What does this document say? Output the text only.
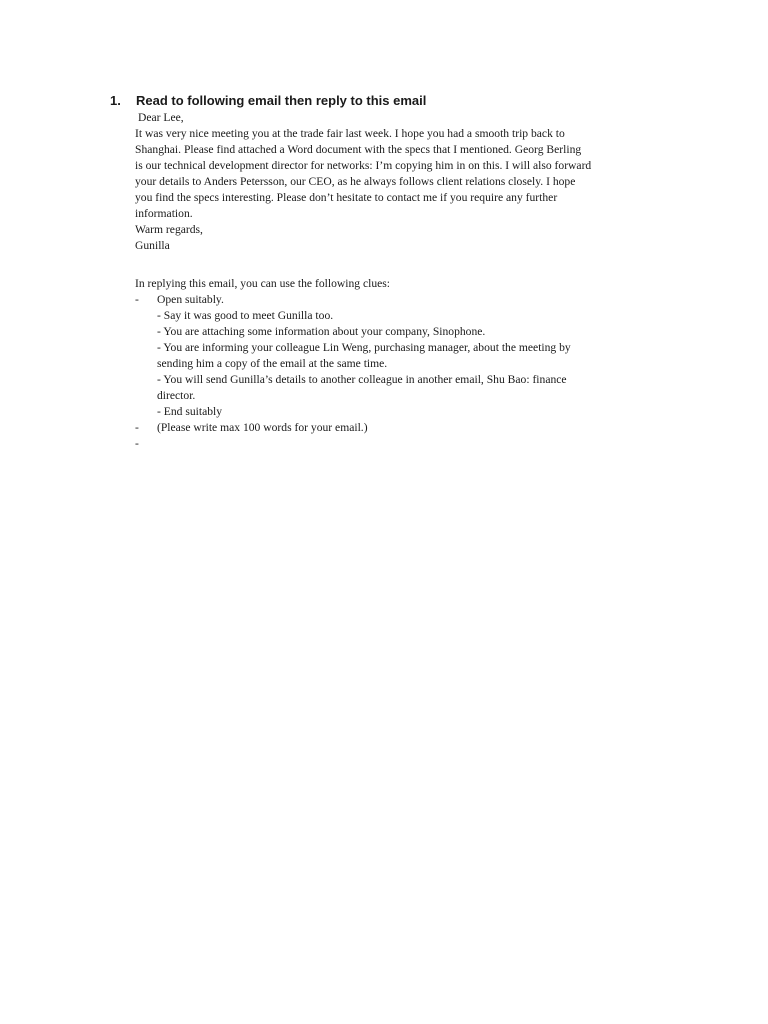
1. Read to following email then reply to this email
Dear Lee,
It was very nice meeting you at the trade fair last week. I hope you had a smooth trip back to
Shanghai. Please find attached a Word document with the specs that I mentioned. Georg Berling
is our technical development director for networks: I’m copying him in on this. I will also forward
your details to Anders Petersson, our CEO, as he always follows client relations closely. I hope
you find the specs interesting. Please don’t hesitate to contact me if you require any further
information.
Warm regards,
Gunilla
In replying this email, you can use the following clues:
- Open suitably.
- Say it was good to meet Gunilla too.
- You are attaching some information about your company, Sinophone.
- You are informing your colleague Lin Weng, purchasing manager, about the meeting by
sending him a copy of the email at the same time.
- You will send Gunilla’s details to another colleague in another email, Shu Bao: finance
director.
- End suitably
- (Please write max 100 words for your email.)
-
